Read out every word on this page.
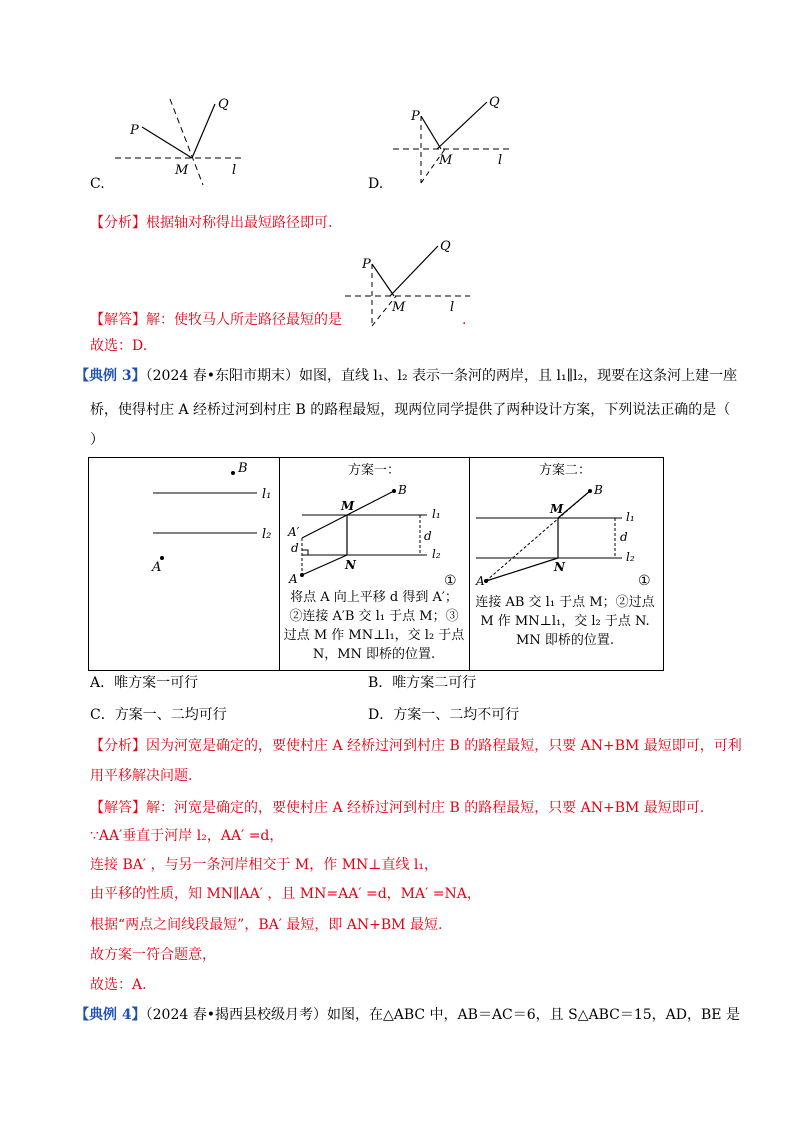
P
Q
M	l
C.
P
Q
M	l
D.
【分析】根据轴对称得出最短路径即可.
P
Q
M	l
【解答】解：使牧马人所走路径最短的是	.
故选：D.
【典例 3】（2024 春•东阳市期末）如图，直线 l₁、l₂ 表示一条河的两岸，且 l₁∥l₂，现要在这条河上建一座
桥，使得村庄 A 经桥过河到村庄 B 的路程最短，现两位同学提供了两种设计方案，下列说法正确的是（
）
B
l₁
l₂
A
方案一：
M
B
l₁
l₂
A′
d
d
N
A	①
将点 A 向上平移 d 得到 A′；
②连接 A′B 交 l₁ 于点 M；③
过点 M 作 MN⊥l₁，交 l₂ 于点
N，MN 即桥的位置.
方案二：
M
B
l₁
l₂
d
N
A	①
连接 AB 交 l₁ 于点 M；②过点
M 作 MN⊥l₁，交 l₂ 于点 N.
MN 即桥的位置.
A．唯方案一可行	B．唯方案二可行
C．方案一、二均可行	D．方案一、二均不可行
【分析】因为河宽是确定的，要使村庄 A 经桥过河到村庄 B 的路程最短，只要 AN+BM 最短即可，可利
用平移解决问题.
【解答】解：河宽是确定的，要使村庄 A 经桥过河到村庄 B 的路程最短，只要 AN+BM 最短即可.
∵AA′垂直于河岸 l₂，AA′ =d，
连接 BA′ ，与另一条河岸相交于 M，作 MN⊥直线 l₁，
由平移的性质，知 MN∥AA′ ，且 MN=AA′ =d，MA′ =NA，
根据“两点之间线段最短”，BA′ 最短，即 AN+BM 最短.
故方案一符合题意，
故选：A.
【典例 4】（2024 春•揭西县校级月考）如图，在△ABC 中，AB＝AC＝6，且 S△ABC＝15，AD，BE 是
